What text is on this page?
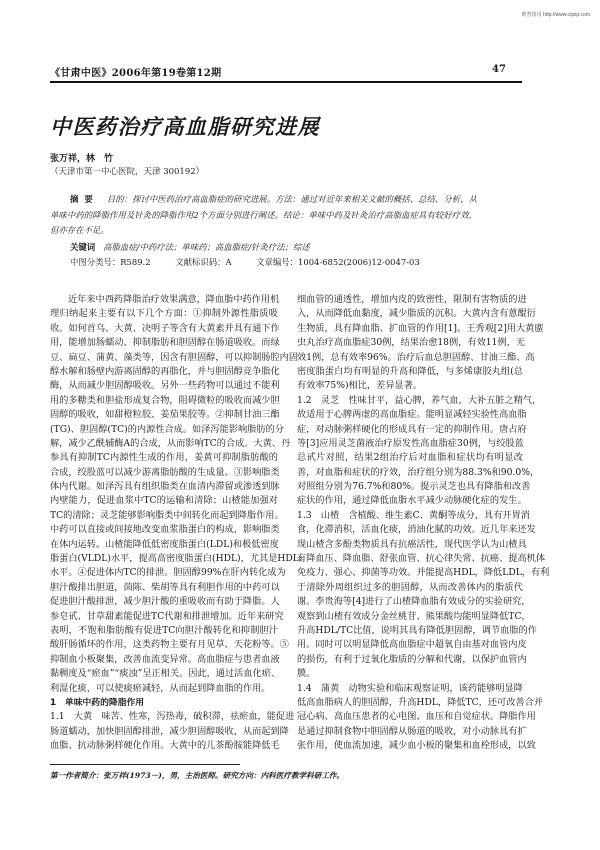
维普资讯 http://www.cqvip.com
《甘肃中医》2006年第19卷第12期	47
中医药治疗高血脂研究进展
张万祥，林　竹
（天津市第一中心医院，天津 300192）
摘要 目的：探讨中医药治疗高血脂症的研究进展。方法：通过对近年来相关文献的概括、总结、分析，从单味中药的降脂作用及针灸的降脂作用2个方面分别进行阐述。结论：单味中药及针灸治疗高脂血症具有较好疗效，但亦存在不足。
关键词 高脂血症/中药疗法；单味药；高血脂症/针灸疗法；综述
中图分类号：R589.2	文献标识码：A	文章编号：1004-6852(2006)12-0047-03
近年来中西药降脂治疗效果满意，降血脂中药作用机
理归纳起来主要有以下几个方面：①抑制外源性脂质吸
收。如何首乌、大黄、决明子等含有大黄素并具有通下作
用，能增加肠蠕动、抑制脂肪和胆固醇在肠道吸收。而绿
豆、扁豆、蒲黄、藻类等，因含有胆固醇，可以抑制肠腔内固
醇水解和肠壁内游离固醇的再脂化，并与胆固醇竞争脂化
酶，从而减少胆固醇吸收。另外一些药物可以通过不能利
用的多糖类和胆盐形成复合物，阻碍微粒的吸收而减少胆
固醇的吸收，如甜橙粒胶、姜茄果胶等。②抑制甘油三酯
(TG)、胆固醇(TC)的内源性合成。如泽泻能影响脂肪的分
解，减少乙酰辅酶A的合成，从而影响TC的合成。大黄、丹
参具有抑制TC内源性生成的作用，姜黄可抑制脂肪酸的
合成，绞股蓝可以减少游离脂肪酸的生成量。③影响脂类
体内代谢。如泽泻具有组织脂类在血清内滞留或渗透到脉
内壁能力，促进血浆中TC的运输和清除；山楂能加强对
TC的清除；灵芝能够影响脂类中间转化而起到降脂作用。
中药可以直接或间接地改变血浆脂蛋白的构成，影响脂类
在体内运转。山楂能降低低密度脂蛋白(LDL)和极低密度
脂蛋白(VLDL)水平，提高高密度脂蛋白(HDL)，尤其是HDL₂
水平。④促进体内TC的排泄。胆固醇99%在肝内转化成为
胆汁酸排出胆道，茵陈、柴胡等具有利胆作用的中药可以
促进胆汁酸排泄，减少胆汁酸的重吸收而有助于降脂。人
参皂甙、甘草甜素能促进TC代谢和排泄增加。近年来研究
表明，不饱和脂肪酸有促进TC向胆汁酸转化和抑制胆汁
酸肝肠循环的作用，这类药物主要有月见草、天花粉等。⑤
抑制血小板聚集，改善血流变异常。高血脂症与患者血液
黏稠度及“瘀血”“痰浊”呈正相关。因此，通过活血化瘀、
利湿化痰，可以使痰瘀减轻，从而起到降血脂的作用。
1　单味中药的降脂作用
1.1　大黄　味苦、性寒，泻热毒，破积滞，祛瘀血，能促进
肠道蠕动，加快胆固醇排泄，减少胆固醇吸收，从而起到降
血脂、抗动脉粥样硬化作用。大黄中的儿茶酚胺能降低毛
细血管的通透性，增加内皮的致密性，限制有害物质的进
入，从而降低血黏度，减少脂质的沉积。大黄内含有蒽醌衍
生物质，具有降血脂、扩血管的作用[1]。王秀观[2]用大黄䗪
虫丸治疗高血脂症30例，结果治愈18例，有效11例，无
效1例，总有效率96%。治疗后血总胆固醇、甘油三酯、高
密度脂蛋白均有明显的升高和降低，与多烯康胶丸组(总
有效率75%)相比，差异显著。
1.2　灵芝　性味甘平，益心脾，养气血，大补五脏之精气，
故适用于心脾两虚的高血脂症。能明显减轻实验性高血脂
症，对动脉粥样硬化的形成具有一定的抑制作用。唐占府
等[3]应用灵芝菌液治疗原发性高血脂症30例，与绞股蓝
总甙片对照，结果2组治疗后对血脂和症状均有明显改
善，对血脂和症状的疗效，治疗组分别为88.3%和90.0%，
对照组分别为76.7%和80%。提示灵芝也具有降脂和改善
症状的作用，通过降低血脂水平减少动脉硬化症的发生。
1.3　山楂　含植酸、维生素C、黄酮等成分，具有开胃消
食，化滞消积，活血化痰，消油化腻的功效。近几年来还发
现山楂含多酚类物质具有抗癌活性，现代医学认为山楂具
有降血压、降血脂、舒张血管、抗心律失常、抗癌、提高机体
免疫力、强心、抑菌等功效。并能提高HDL，降低LDL，有利
于清除外周组织过多的胆固醇，从而改善体内的脂质代
谢。李贵海等[4]进行了山楂降血脂有效成分的实验研究，
观察到山楂有效成分金丝桃苷、熊果酸均能明显降低TC，
升高HDL/TC比值，说明其具有降低胆固醇，调节血脂的作
用。同时可以明显降低高血脂症中超氧自由基对血管内皮
的损伤，有利于过氧化脂质的分解和代谢，以保护血管内
膜。
1.4　蒲黄　动物实验和临床观察证明，该药能够明显降
低高血脂病人的胆固醇，升高HDL，降低TC，还可改善合并
冠心病、高血压患者的心电图、血压和自觉症状。降脂作用
是通过抑制食物中胆固醇从肠道的吸收，对小动脉具有扩
张作用，使血流加速，减少血小板的聚集和血栓形成，以致
第一作者简介：张万祥(1973－)，男，主治医师。研究方向：内科医疗教学科研工作。
